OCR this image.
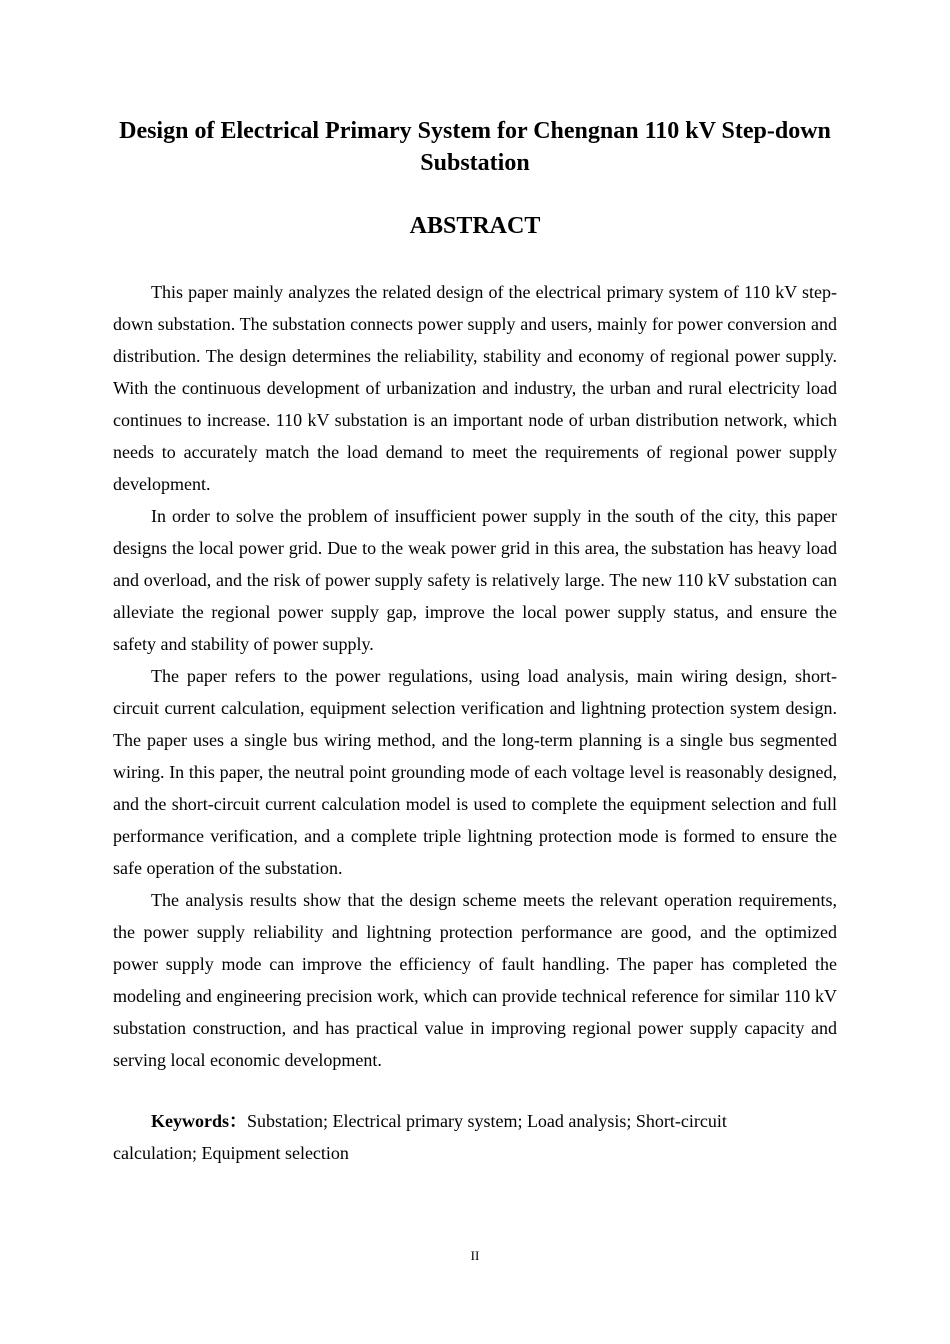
Design of Electrical Primary System for Chengnan 110 kV Step-down Substation
ABSTRACT

This paper mainly analyzes the related design of the electrical primary system of 110 kV step-down substation. The substation connects power supply and users, mainly for power conversion and distribution. The design determines the reliability, stability and economy of regional power supply. With the continuous development of urbanization and industry, the urban and rural electricity load continues to increase. 110 kV substation is an important node of urban distribution network, which needs to accurately match the load demand to meet the requirements of regional power supply development.

In order to solve the problem of insufficient power supply in the south of the city, this paper designs the local power grid. Due to the weak power grid in this area, the substation has heavy load and overload, and the risk of power supply safety is relatively large. The new 110 kV substation can alleviate the regional power supply gap, improve the local power supply status, and ensure the safety and stability of power supply.

The paper refers to the power regulations, using load analysis, main wiring design, short-circuit current calculation, equipment selection verification and lightning protection system design. The paper uses a single bus wiring method, and the long-term planning is a single bus segmented wiring. In this paper, the neutral point grounding mode of each voltage level is reasonably designed, and the short-circuit current calculation model is used to complete the equipment selection and full performance verification, and a complete triple lightning protection mode is formed to ensure the safe operation of the substation.

The analysis results show that the design scheme meets the relevant operation requirements, the power supply reliability and lightning protection performance are good, and the optimized power supply mode can improve the efficiency of fault handling. The paper has completed the modeling and engineering precision work, which can provide technical reference for similar 110 kV substation construction, and has practical value in improving regional power supply capacity and serving local economic development.

Keywords：Substation; Electrical primary system; Load analysis; Short-circuit calculation; Equipment selection

II
